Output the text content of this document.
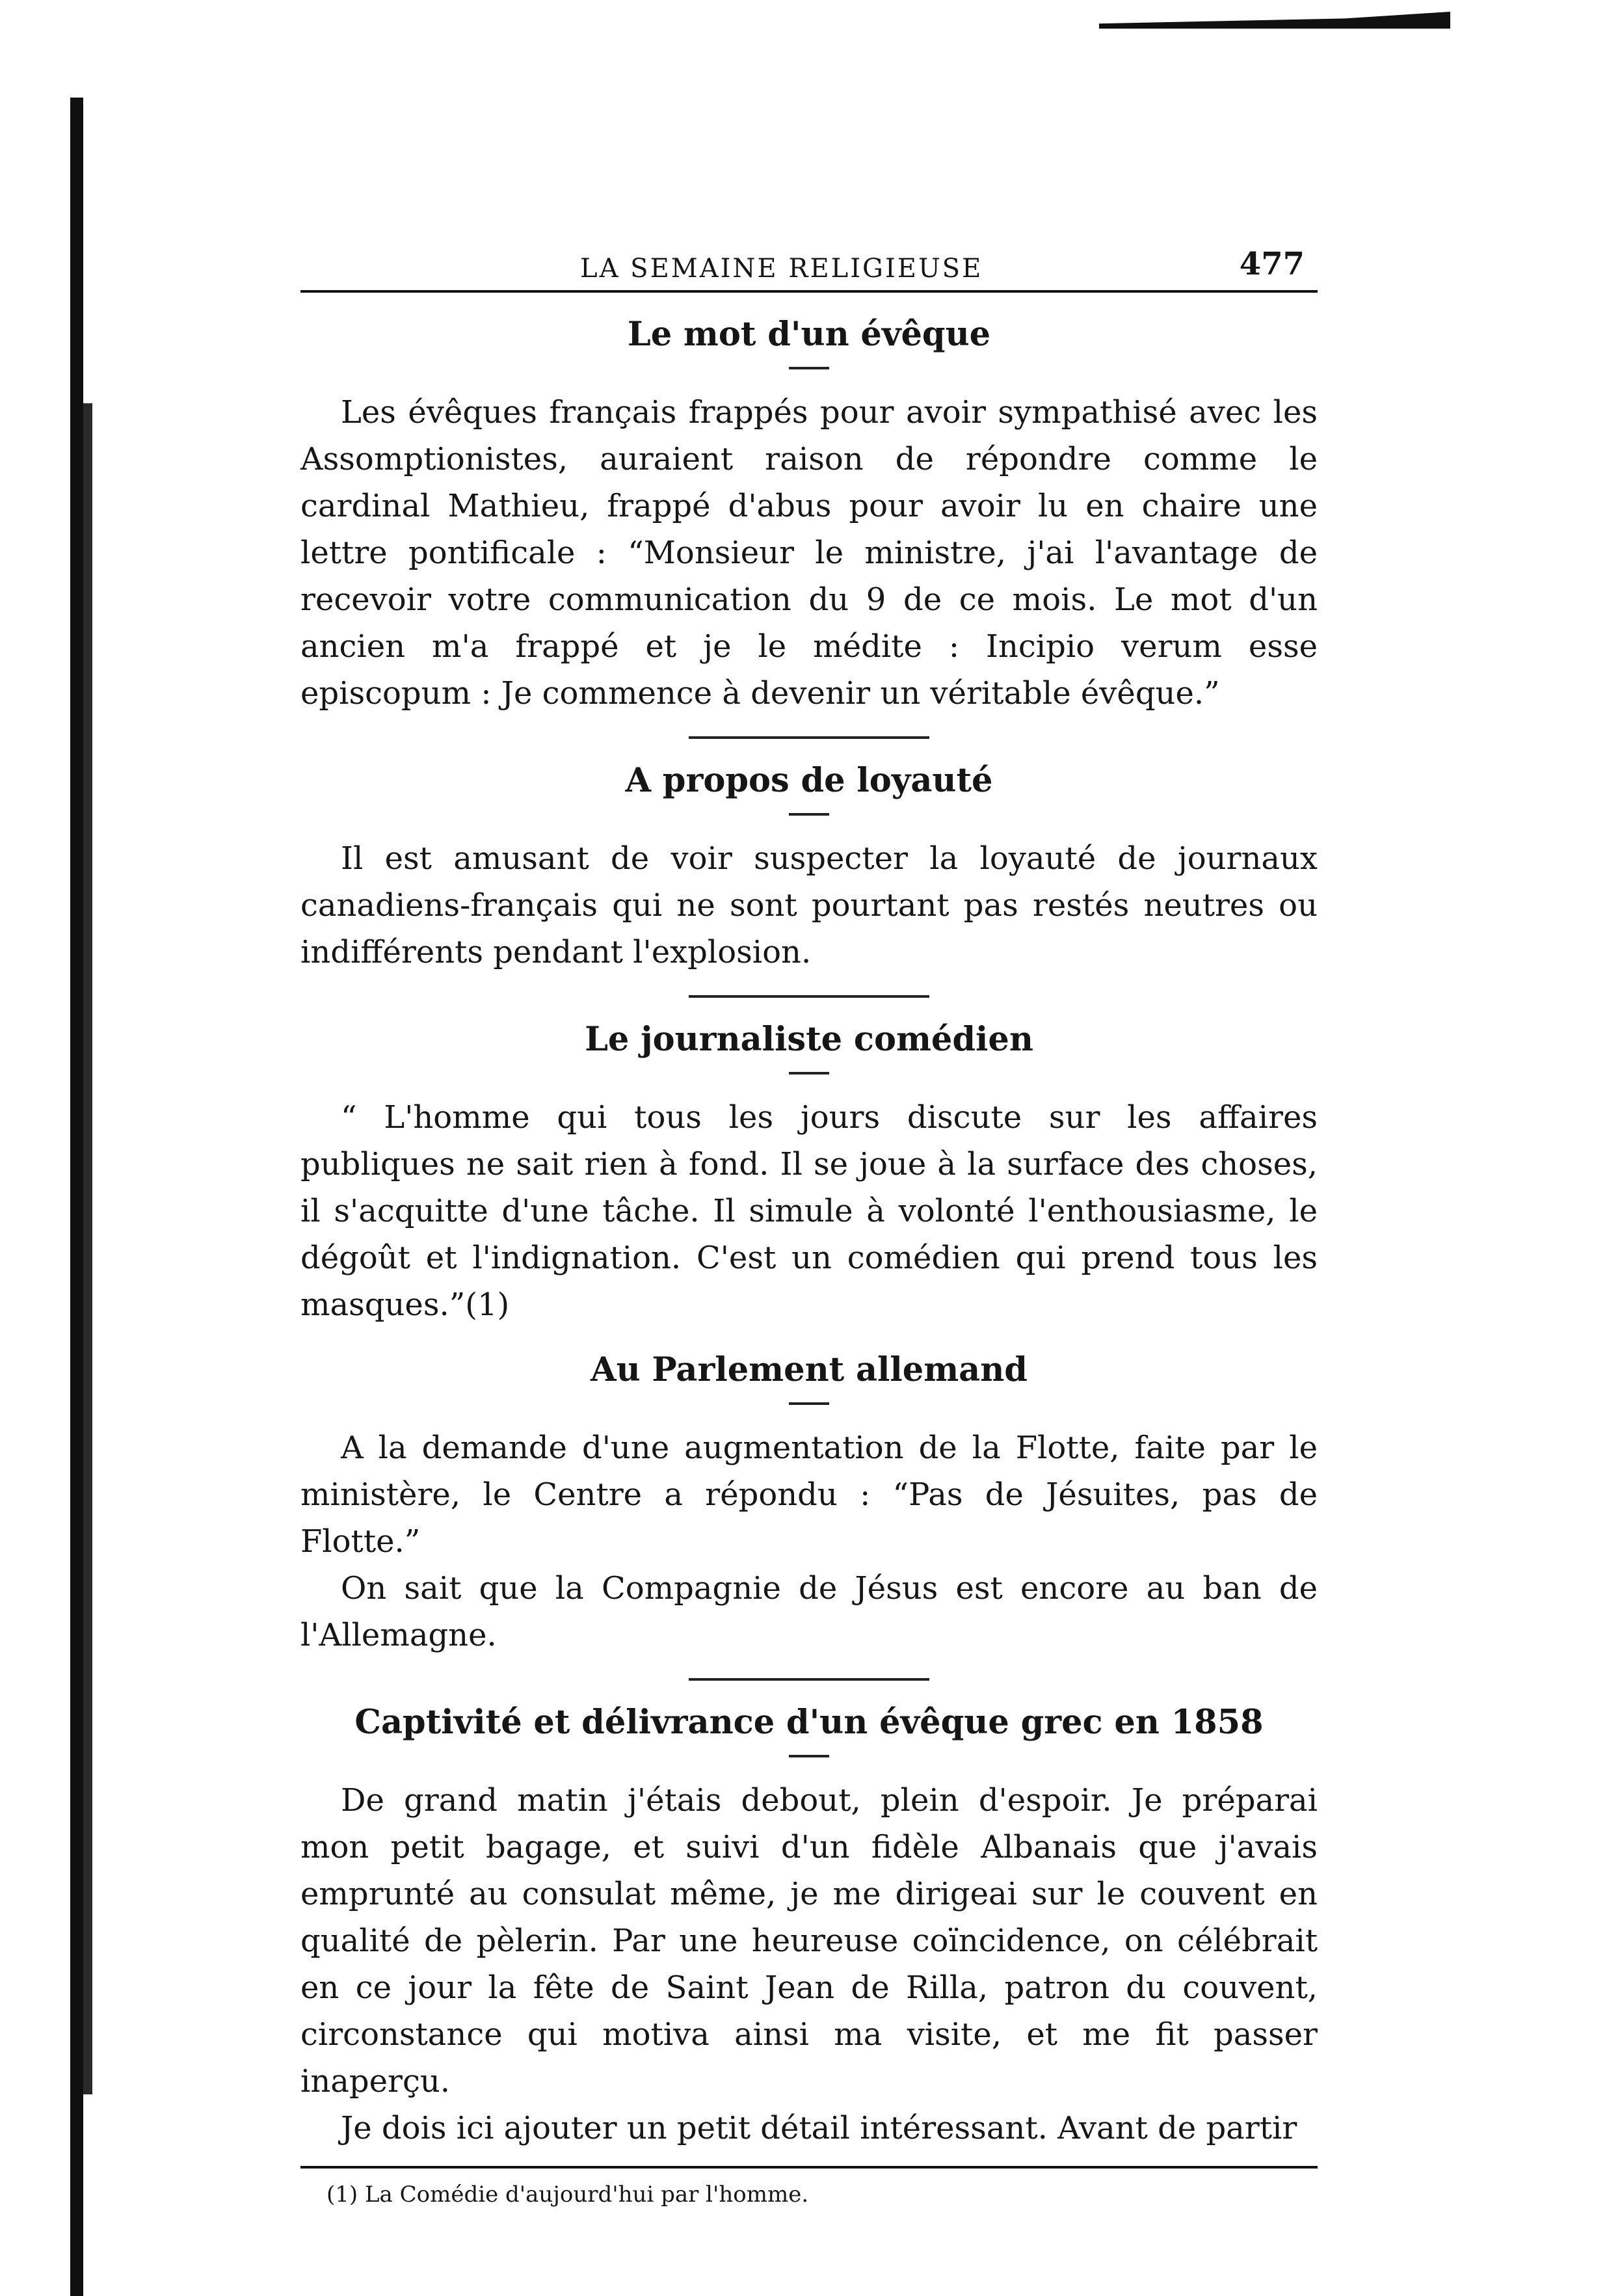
LA SEMAINE RELIGIEUSE	477
Le mot d'un évêque

Les évêques français frappés pour avoir sympathisé avec les Assomptionistes, auraient raison de répondre comme le cardinal Mathieu, frappé d'abus pour avoir lu en chaire une lettre pontificale : “Monsieur le ministre, j'ai l'avantage de recevoir votre communication du 9 de ce mois. Le mot d'un ancien m'a frappé et je le médite : Incipio verum esse episcopum : Je commence à devenir un véritable évêque.”

A propos de loyauté

Il est amusant de voir suspecter la loyauté de journaux canadiens-français qui ne sont pourtant pas restés neutres ou indifférents pendant l'explosion.

Le journaliste comédien

“ L'homme qui tous les jours discute sur les affaires publiques ne sait rien à fond. Il se joue à la surface des choses, il s'acquitte d'une tâche. Il simule à volonté l'enthousiasme, le dégoût et l'indignation. C'est un comédien qui prend tous les masques.”(1)

Au Parlement allemand

A la demande d'une augmentation de la Flotte, faite par le ministère, le Centre a répondu : “Pas de Jésuites, pas de Flotte.”

On sait que la Compagnie de Jésus est encore au ban de l'Allemagne.

Captivité et délivrance d'un évêque grec en 1858

De grand matin j'étais debout, plein d'espoir. Je préparai mon petit bagage, et suivi d'un fidèle Albanais que j'avais emprunté au consulat même, je me dirigeai sur le couvent en qualité de pèlerin. Par une heureuse coïncidence, on célébrait en ce jour la fête de Saint Jean de Rilla, patron du couvent, circonstance qui motiva ainsi ma visite, et me fit passer inaperçu.

Je dois ici ajouter un petit détail intéressant. Avant de partir

(1) La Comédie d'aujourd'hui par l'homme.
